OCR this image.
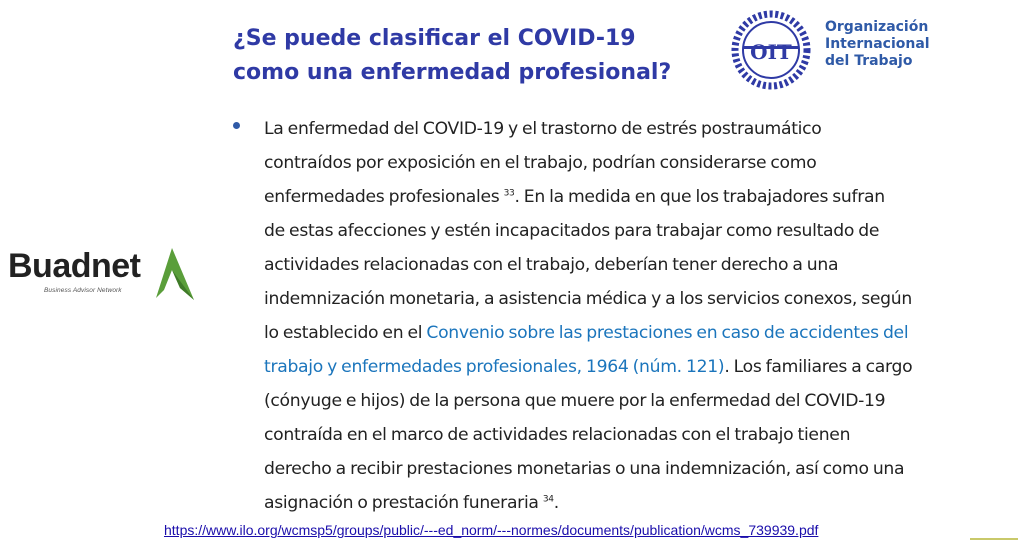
¿Se puede clasificar el COVID-19
como una enfermedad profesional?
OIT
Organización
Internacional
del Trabajo
La enfermedad del COVID-19 y el trastorno de estrés postraumático
contraídos por exposición en el trabajo, podrían considerarse como
enfermedades profesionales $^{33}$. En la medida en que los trabajadores sufran
de estas afecciones y estén incapacitados para trabajar como resultado de
actividades relacionadas con el trabajo, deberían tener derecho a una
indemnización monetaria, a asistencia médica y a los servicios conexos, según
lo establecido en el Convenio sobre las prestaciones en caso de accidentes del
trabajo y enfermedades profesionales, 1964 (núm. 121). Los familiares a cargo
(cónyuge e hijos) de la persona que muere por la enfermedad del COVID-19
contraída en el marco de actividades relacionadas con el trabajo tienen
derecho a recibir prestaciones monetarias o una indemnización, así como una
asignación o prestación funeraria $^{34}$.

Buadnet

Business Advisor Network

https://www.ilo.org/wcmsp5/groups/public/---ed_norm/---normes/documents/publication/wcms_739939.pdf
